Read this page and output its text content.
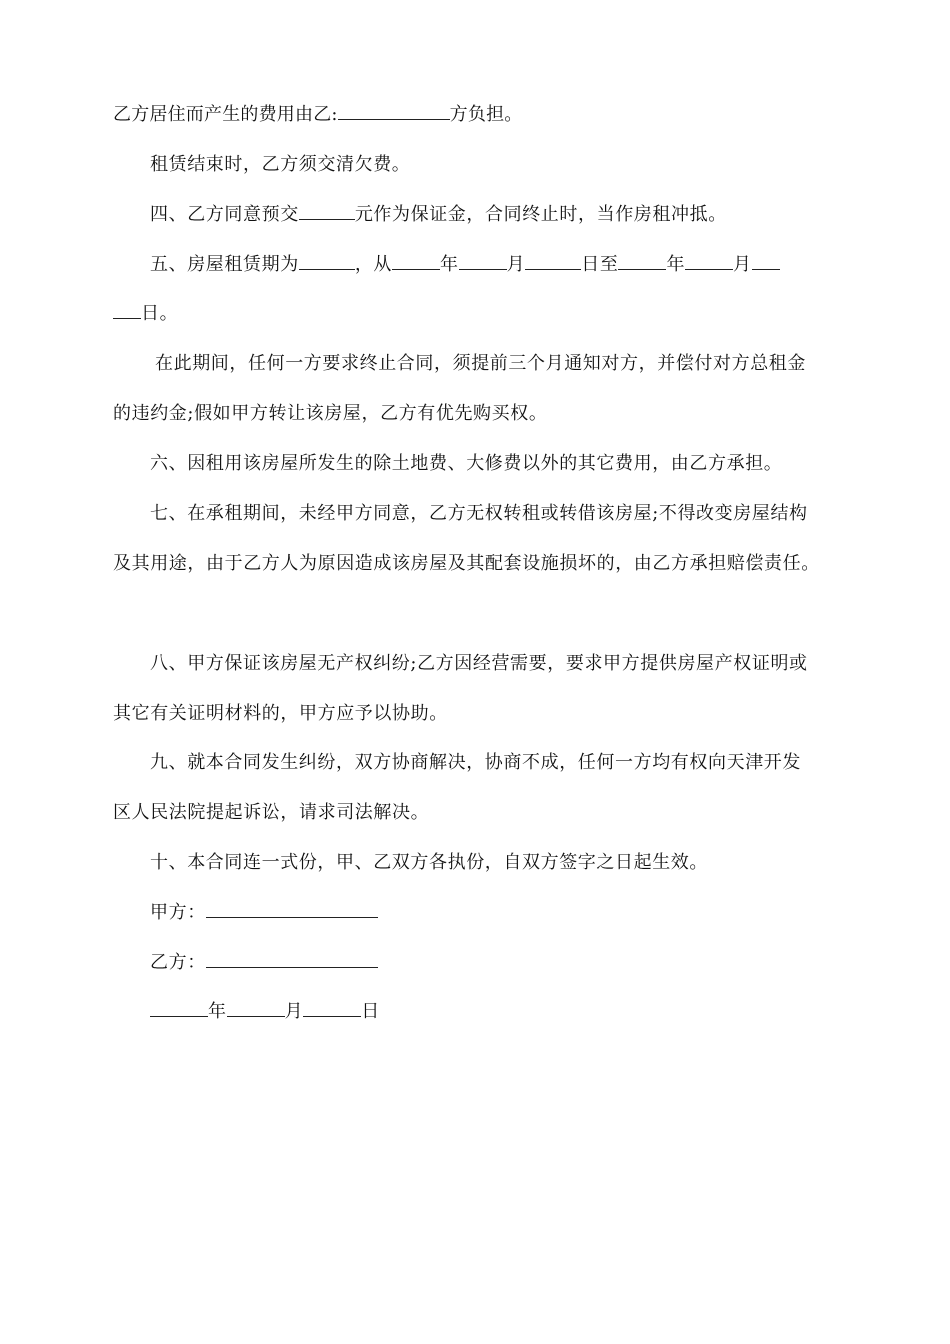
乙方居住而产生的费用由乙:	方负担。
租赁结束时，乙方须交清欠费。
四、乙方同意预交	元作为保证金，合同终止时，当作房租冲抵。
五、房屋租赁期为	，从	年	月	日至	年	月
日。
在此期间，任何一方要求终止合同，须提前三个月通知对方，并偿付对方总租金
的违约金;假如甲方转让该房屋，乙方有优先购买权。
六、因租用该房屋所发生的除土地费、大修费以外的其它费用，由乙方承担。
七、在承租期间，未经甲方同意，乙方无权转租或转借该房屋;不得改变房屋结构
及其用途，由于乙方人为原因造成该房屋及其配套设施损坏的，由乙方承担赔偿责任。
八、甲方保证该房屋无产权纠纷;乙方因经营需要，要求甲方提供房屋产权证明或
其它有关证明材料的，甲方应予以协助。
九、就本合同发生纠纷，双方协商解决，协商不成，任何一方均有权向天津开发
区人民法院提起诉讼，请求司法解决。
十、本合同连一式份，甲、乙双方各执份，自双方签字之日起生效。
甲方：
乙方：
年	月	日
